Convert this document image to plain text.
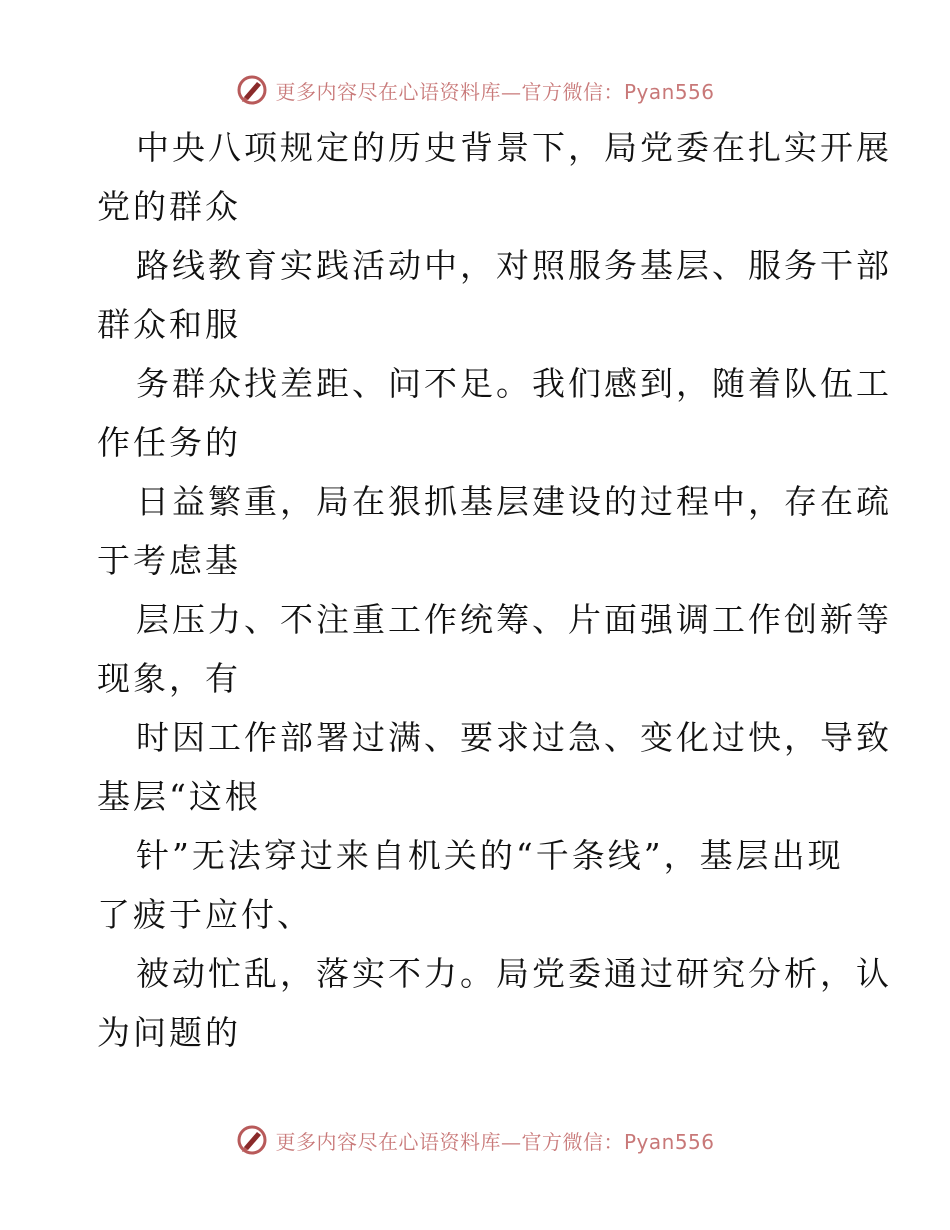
更多内容尽在心语资料库—官方微信：Pyan556
中央八项规定的历史背景下，局党委在扎实开展
党的群众
路线教育实践活动中，对照服务基层、服务干部
群众和服
务群众找差距、问不足。我们感到，随着队伍工
作任务的
日益繁重，局在狠抓基层建设的过程中，存在疏
于考虑基
层压力、不注重工作统筹、片面强调工作创新等
现象，有
时因工作部署过满、要求过急、变化过快，导致
基层“这根
针”无法穿过来自机关的“千条线”，基层出现
了疲于应付、
被动忙乱，落实不力。局党委通过研究分析，认
为问题的
更多内容尽在心语资料库—官方微信：Pyan556
